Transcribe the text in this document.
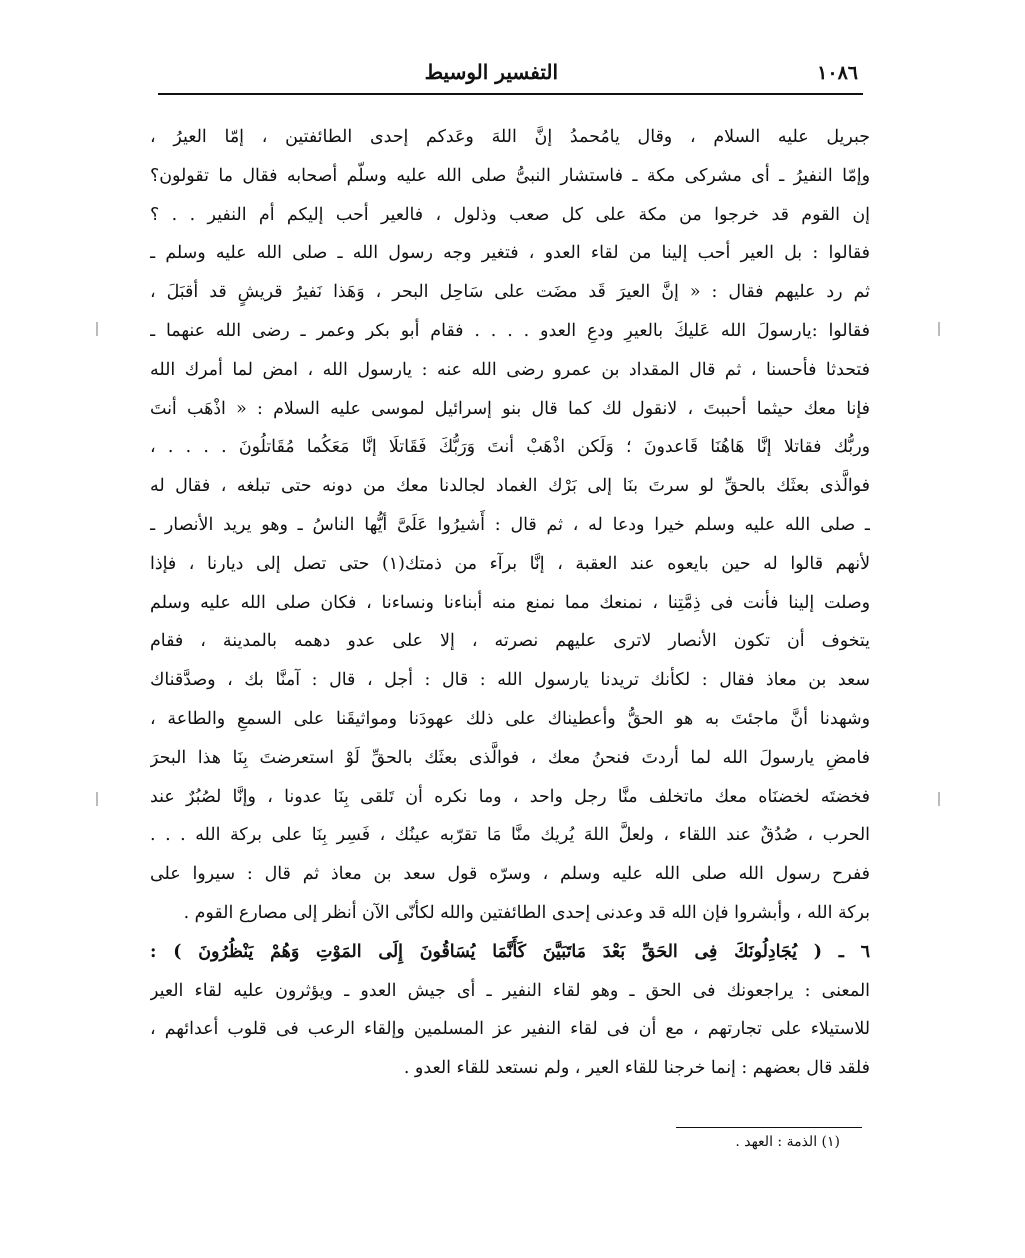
١٠٨٦
التفسير الوسيط
جبريل عليه السلام ، وقال يامُحمدُ إنَّ اللهَ وعَدكم إحدى الطائفتين ، إمّا العيرُ ،
وإمّا النفيرُ ـ أى مشركى مكة ـ فاستشار النبىُّ صلى الله عليه وسلّم أصحابه فقال ما تقولون؟
إن القوم قد خرجوا من مكة على كل صعب وذلول ، فالعير أحب إليكم أم النفير . . ؟
فقالوا : بل العير أحب إلينا من لقاء العدو ، فتغير وجه رسول الله ـ صلى الله عليه وسلم ـ
ثم رد عليهم فقال : « إنَّ العيرَ قَد مضَت على سَاحِل البحر ، وَهَذا نَفيرُ قريشٍ قد أقبَلَ ،
فقالوا :يارسولَ الله عَليكَ بالعيرِ ودعِ العدو . . . . فقام أبو بكر وعمر ـ رضى الله عنهما ـ
فتحدثا فأحسنا ، ثم قال المقداد بن عمرو رضى الله عنه : يارسول الله ، امض لما أمرك الله
فإنا معك حيثما أحببتَ ، لانقول لك كما قال بنو إسرائيل لموسى عليه السلام : « اذْهَب أنتَ
وربُّك فقاتلا إنَّا هَاهُنَا قَاعدونَ ؛ وَلَكن اذْهَبْ أنتَ وَرَبُّكَ فَقَاتلَا إنَّا مَعَكُما مُقَاتلُونَ . . . . ،
فوالَّذى بعثَك بالحقِّ لو سرتَ بنَا إلى بَرْك الغماد لجالدنا معك من دونه حتى تبلغه ، فقال له
ـ صلى الله عليه وسلم خيرا ودعا له ، ثم قال : أَشيرُوا عَلَىَّ أيُّها الناسُ ـ وهو يريد الأنصار ـ
لأنهم قالوا له حين بايعوه عند العقبة ، إنَّا برآء من ذمتك(١) حتى تصل إلى ديارنا ، فإذا
وصلت إلينا فأنت فى ذِمَّتِنا ، نمنعك مما نمنع منه أبناءنا ونساءنا ، فكان صلى الله عليه وسلم
يتخوف أن تكون الأنصار لاترى عليهم نصرته ، إلا على عدو دهمه بالمدينة ، فقام
سعد بن معاذ فقال : لكأنك تريدنا يارسول الله : قال : أجل ، قال : آمنَّا بك ، وصدَّقناك
وشهدنا أنَّ ماجئتَ به هو الحقُّ وأعطيناك على ذلك عهودَنا ومواثيقَنا على السمعِ والطاعة ،
فامضِ يارسولَ الله لما أردتَ فنحنُ معك ، فوالَّذى بعثَك بالحقِّ لَوْ استعرضتَ بِنَا هذا البحرَ
فخضتَه لخضنَاه معك ماتخلف منَّا رجل واحد ، وما نكره أن تَلقى بِنَا عدونا ، وإنَّا لصُبُرٌ عند
الحرب ، صُدُقٌ عند اللقاء ، ولعلَّ اللهَ يُريك منَّا مَا تقرّبه عينُك ، فَسِر بِنَا على بركة الله . . .
ففرح رسول الله صلى الله عليه وسلم ، وسرّه قول سعد بن معاذ ثم قال : سيروا على
بركة الله ، وأبشروا فإن الله قد وعدنى إحدى الطائفتين والله لكأنّى الآن أنظر إلى مصارع القوم .
٦ ـ ( يُجَادِلُونَكَ فِى الحَقِّ بَعْدَ مَاتَبَيَّنَ كَأَنَّمَا يُسَاقُونَ إِلَى المَوْتِ وَهُمْ يَنْظُرُونَ ) :
المعنى : يراجعونك فى الحق ـ وهو لقاء النفير ـ أى جيش العدو ـ ويؤثرون عليه لقاء العير
للاستيلاء على تجارتهم ، مع أن فى لقاء النفير عز المسلمين وإلقاء الرعب فى قلوب أعدائهم ،
فلقد قال بعضهم : إنما خرجنا للقاء العير ، ولم نستعد للقاء العدو .
(١) الذمة : العهد .
